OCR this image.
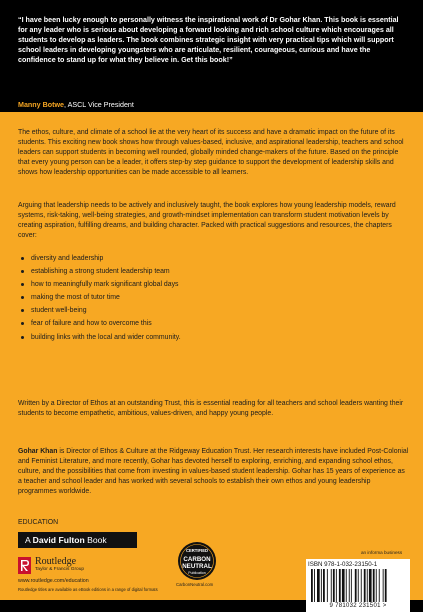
“I have been lucky enough to personally witness the inspirational work of Dr Gohar Khan. This book is essential for any leader who is serious about developing a forward looking and rich school culture which encourages all students to develop as leaders. The book combines strategic insight with very practical tips which will support school leaders in developing youngsters who are articulate, resilient, courageous, curious and have the confidence to stand up for what they believe in. Get this book!”

Manny Botwe, ASCL Vice President

The ethos, culture, and climate of a school lie at the very heart of its success and have a dramatic impact on the future of its students. This exciting new book shows how through values-based, inclusive, and aspirational leadership, teachers and school leaders can support students in becoming well rounded, globally minded change-makers of the future. Based on the principle that every young person can be a leader, it offers step-by step guidance to support the development of leadership skills and shows how leadership opportunities can be made accessible to all learners.

Arguing that leadership needs to be actively and inclusively taught, the book explores how young leadership models, reward systems, risk-taking, well-being strategies, and growth-mindset implementation can transform student motivation levels by creating aspiration, fulfilling dreams, and building character. Packed with practical suggestions and resources, the chapters cover:

diversity and leadership
establishing a strong student leadership team
how to meaningfully mark significant global days
making the most of tutor time
student well-being
fear of failure and how to overcome this
building links with the local and wider community.

Written by a Director of Ethos at an outstanding Trust, this is essential reading for all teachers and school leaders wanting their students to become empathetic, ambitious, values-driven, and happy young people.

Gohar Khan is Director of Ethos & Culture at the Ridgeway Education Trust. Her research interests have included Post-Colonial and Feminist Literature, and more recently, Gohar has devoted herself to exploring, enriching, and expanding school ethos, culture, and the possibilities that come from investing in values-based student leadership. Gohar has 15 years of experience as a teacher and school leader and has worked with several schools to establish their own ethos and young leadership programmes worldwide.

EDUCATION

A David Fulton Book
Routledge
Taylor & Francis Group
www.routledge.com/education
CERTIFIED
CARBON
NEUTRAL
Publication
CarbonNeutral.com
an informa business
ISBN 978-1-032-23150-1
9 781032 231501 >
Routledge titles are available as eBook editions in a range of digital formats
